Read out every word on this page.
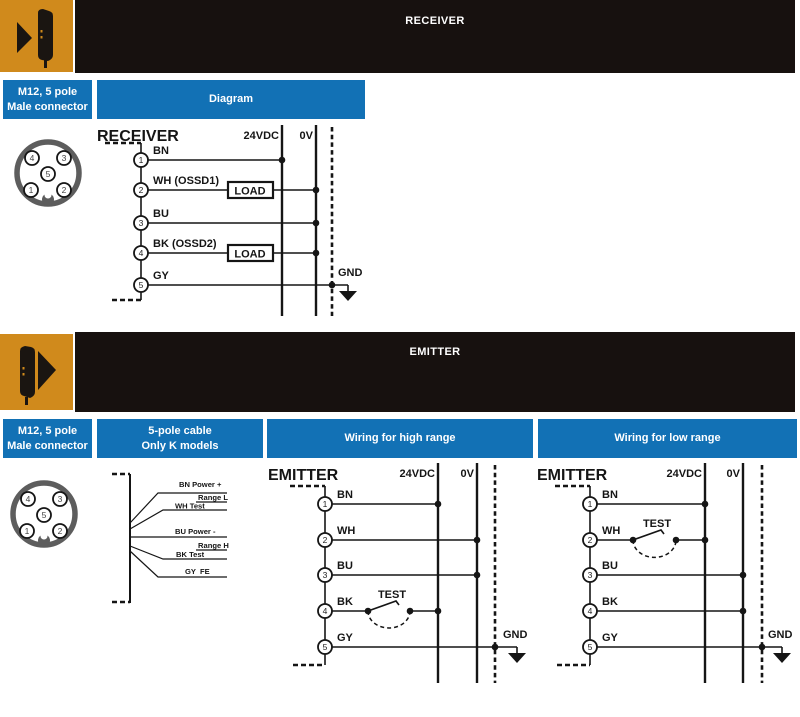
RECEIVER
M12, 5 pole
Male connector
Diagram
4	3
5
1	2
RECEIVER	24VDC 0V
LOAD
LOAD
1
2
3
4
5
BN
WH (OSSD1)
BU
BK (OSSD2)
GY	GND
EMITTER
M12, 5 pole
Male connector
5-pole cable
Only K models
Wiring for high range	Wiring for low range
4	3
5
1	2
BN Power +
Range L
WH Test
BU Power -
Range H
BK Test
GY FE
EMITTER	24VDC 0V
TEST
1
2
3
4
5
BN
WH
BU
BK
GY	GND
EMITTER	24VDC 0V
TEST
1
2
3
4
5
BN
WH
BU
BK
GY	GND
